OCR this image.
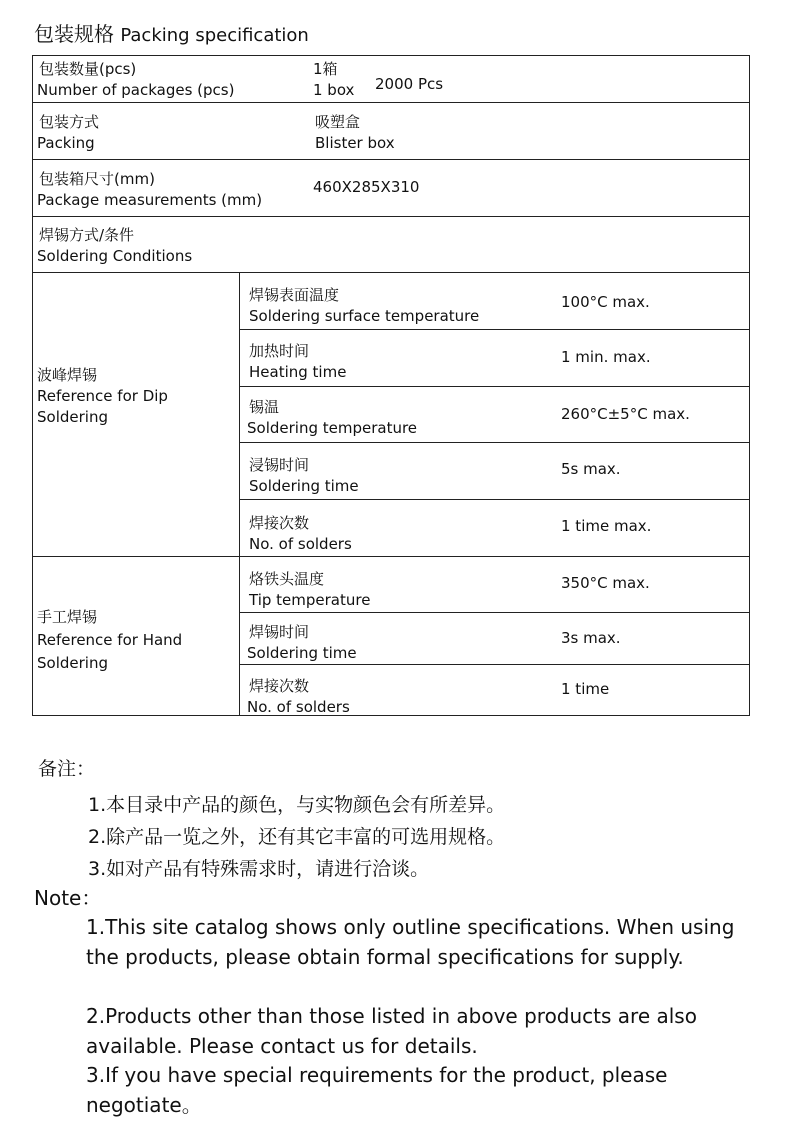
包装规格 Packing specification
包装数量(pcs)
Number of packages (pcs)
1箱
1 box 2000 Pcs
包装方式
Packing
吸塑盒
Blister box
包装箱尺寸(mm)
Package measurements (mm)
460X285X310
焊锡方式/条件
Soldering Conditions
波峰焊锡
Reference for Dip
Soldering
焊锡表面温度
Soldering surface temperature
100°C max.
加热时间
Heating time
1 min. max.
锡温
Soldering temperature
260°C±5°C max.
浸锡时间
Soldering time
5s max.
焊接次数
No. of solders
1 time max.
手工焊锡
Reference for Hand
Soldering
烙铁头温度
Tip temperature
350°C max.
焊锡时间
Soldering time
3s max.
焊接次数
No. of solders
1 time
备注：
1.本目录中产品的颜色，与实物颜色会有所差异。
2.除产品一览之外，还有其它丰富的可选用规格。
3.如对产品有特殊需求时，请进行洽谈。
Note：
1.This site catalog shows only outline specifications. When using the products, please obtain formal specifications for supply.
2.Products other than those listed in above products are also available. Please contact us for details.
3.If you have special requirements for the product, please negotiate。
